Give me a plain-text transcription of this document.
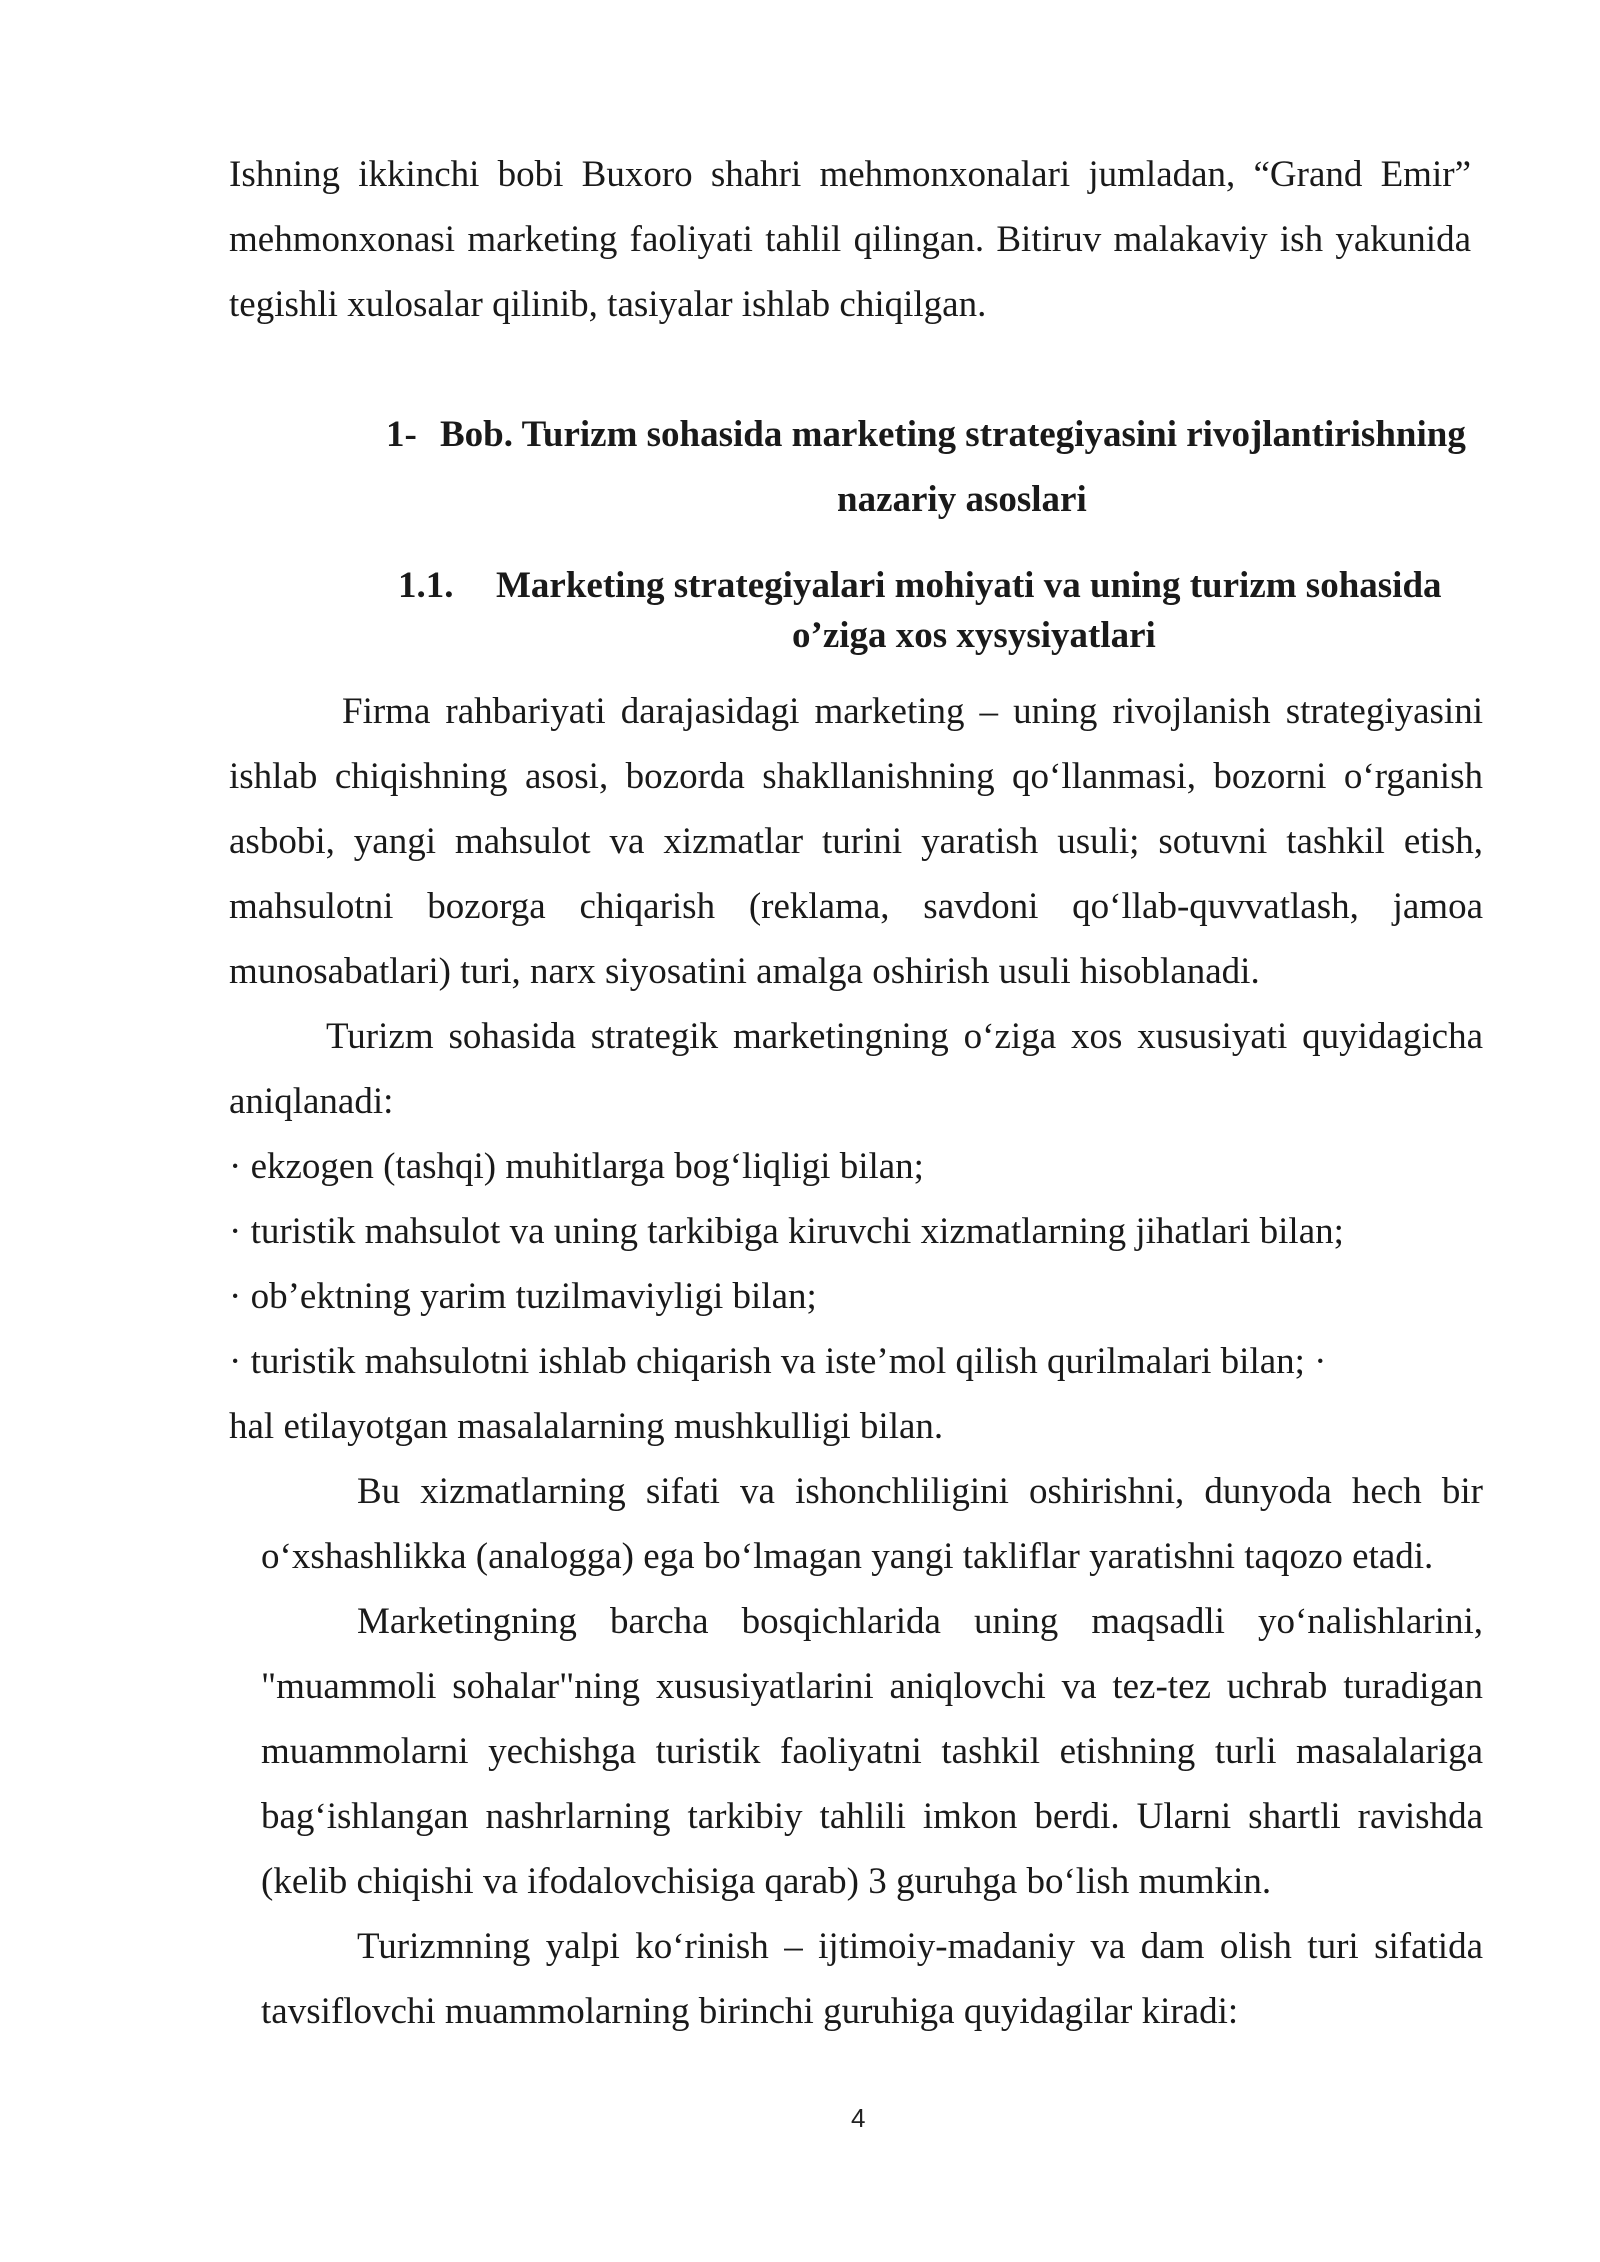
Ishning ikkinchi bobi Buxoro shahri mehmonxonalari jumladan, “Grand Emir”
mehmonxonasi marketing faoliyati tahlil qilingan. Bitiruv malakaviy ish yakunida
tegishli xulosalar qilinib, tasiyalar ishlab chiqilgan.
1- Bob. Turizm sohasida marketing strategiyasini rivojlantirishning
nazariy asoslari
1.1. Marketing strategiyalari mohiyati va uning turizm sohasida
o’ziga xos xysysiyatlari
Firma rahbariyati darajasidagi marketing – uning rivojlanish strategiyasini
ishlab chiqishning asosi, bozorda shakllanishning qo‘llanmasi, bozorni o‘rganish
asbobi, yangi mahsulot va xizmatlar turini yaratish usuli; sotuvni tashkil etish,
mahsulotni bozorga chiqarish (reklama, savdoni qo‘llab-quvvatlash, jamoa
munosabatlari) turi, narx siyosatini amalga oshirish usuli hisoblanadi.
Turizm sohasida strategik marketingning o‘ziga xos xususiyati quyidagicha
aniqlanadi:
· ekzogen (tashqi) muhitlarga bog‘liqligi bilan;
· turistik mahsulot va uning tarkibiga kiruvchi xizmatlarning jihatlari bilan;
· ob’ektning yarim tuzilmaviyligi bilan;
· turistik mahsulotni ishlab chiqarish va iste’mol qilish qurilmalari bilan; ·
hal etilayotgan masalalarning mushkulligi bilan.
Bu xizmatlarning sifati va ishonchliligini oshirishni, dunyoda hech bir
o‘xshashlikka (analogga) ega bo‘lmagan yangi takliflar yaratishni taqozo etadi.
Marketingning barcha bosqichlarida uning maqsadli yo‘nalishlarini,
"muammoli sohalar"ning xususiyatlarini aniqlovchi va tez-tez uchrab turadigan
muammolarni yechishga turistik faoliyatni tashkil etishning turli masalalariga
bag‘ishlangan nashrlarning tarkibiy tahlili imkon berdi. Ularni shartli ravishda
(kelib chiqishi va ifodalovchisiga qarab) 3 guruhga bo‘lish mumkin.
Turizmning yalpi ko‘rinish – ijtimoiy-madaniy va dam olish turi sifatida
tavsiflovchi muammolarning birinchi guruhiga quyidagilar kiradi:
4
